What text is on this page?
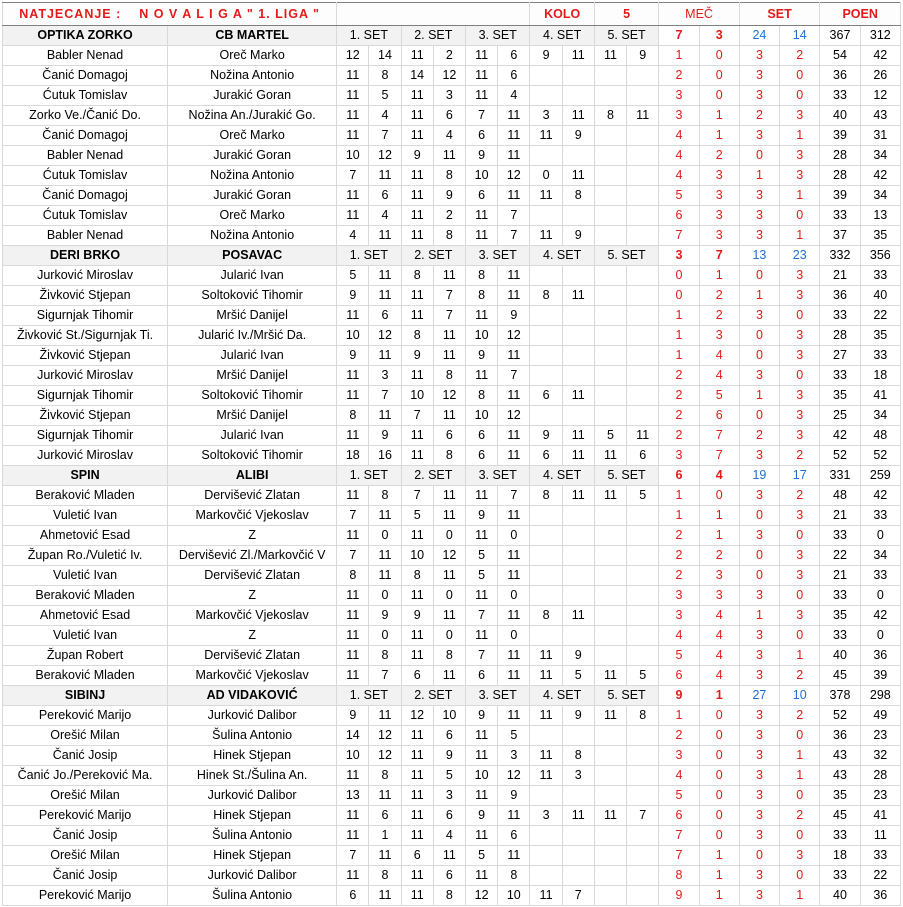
NATJECANJE : N O V A L I G A " 1. LIGA "								KOLO		5		MEČ		SET		POEN	
OPTIKA ZORKO	CB MARTEL	1. SET		2. SET		3. SET		4. SET		5. SET		7	3	24	14	367	312
Babler Nenad	Oreč Marko	12	14	11	2	11	6	9	11	11	9	1	0	3	2	54	42
Čanić Domagoj	Nožina Antonio	11	8	14	12	11	6					2	0	3	0	36	26
Ćutuk Tomislav	Jurakić Goran	11	5	11	3	11	4					3	0	3	0	33	12
Zorko Ve./Čanić Do.	Nožina An./Jurakić Go.	11	4	11	6	7	11	3	11	8	11	3	1	2	3	40	43
Čanić Domagoj	Oreč Marko	11	7	11	4	6	11	11	9			4	1	3	1	39	31
Babler Nenad	Jurakić Goran	10	12	9	11	9	11					4	2	0	3	28	34
Ćutuk Tomislav	Nožina Antonio	7	11	11	8	10	12	0	11			4	3	1	3	28	42
Čanić Domagoj	Jurakić Goran	11	6	11	9	6	11	11	8			5	3	3	1	39	34
Ćutuk Tomislav	Oreč Marko	11	4	11	2	11	7					6	3	3	0	33	13
Babler Nenad	Nožina Antonio	4	11	11	8	11	7	11	9			7	3	3	1	37	35
DERI BRKO	POSAVAC	1. SET		2. SET		3. SET		4. SET		5. SET		3	7	13	23	332	356
Jurković Miroslav	Jularić Ivan	5	11	8	11	8	11					0	1	0	3	21	33
Živković Stjepan	Soltoković Tihomir	9	11	11	7	8	11	8	11			0	2	1	3	36	40
Sigurnjak Tihomir	Mršić Danijel	11	6	11	7	11	9					1	2	3	0	33	22
Živković St./Sigurnjak Ti.	Jularić Iv./Mršić Da.	10	12	8	11	10	12					1	3	0	3	28	35
Živković Stjepan	Jularić Ivan	9	11	9	11	9	11					1	4	0	3	27	33
Jurković Miroslav	Mršić Danijel	11	3	11	8	11	7					2	4	3	0	33	18
Sigurnjak Tihomir	Soltoković Tihomir	11	7	10	12	8	11	6	11			2	5	1	3	35	41
Živković Stjepan	Mršić Danijel	8	11	7	11	10	12					2	6	0	3	25	34
Sigurnjak Tihomir	Jularić Ivan	11	9	11	6	6	11	9	11	5	11	2	7	2	3	42	48
Jurković Miroslav	Soltoković Tihomir	18	16	11	8	6	11	6	11	11	6	3	7	3	2	52	52
SPIN	ALIBI	1. SET		2. SET		3. SET		4. SET		5. SET		6	4	19	17	331	259
Beraković Mladen	Dervišević Zlatan	11	8	7	11	11	7	8	11	11	5	1	0	3	2	48	42
Vuletić Ivan	Markovčić Vjekoslav	7	11	5	11	9	11					1	1	0	3	21	33
Ahmetović Esad	Z	11	0	11	0	11	0					2	1	3	0	33	0
Župan Ro./Vuletić Iv.	Dervišević Zl./Markovčić V	7	11	10	12	5	11					2	2	0	3	22	34
Vuletić Ivan	Dervišević Zlatan	8	11	8	11	5	11					2	3	0	3	21	33
Beraković Mladen	Z	11	0	11	0	11	0					3	3	3	0	33	0
Ahmetović Esad	Markovčić Vjekoslav	11	9	9	11	7	11	8	11			3	4	1	3	35	42
Vuletić Ivan	Z	11	0	11	0	11	0					4	4	3	0	33	0
Župan Robert	Dervišević Zlatan	11	8	11	8	7	11	11	9			5	4	3	1	40	36
Beraković Mladen	Markovčić Vjekoslav	11	7	6	11	6	11	11	5	11	5	6	4	3	2	45	39
SIBINJ	AD VIDAKOVIĆ	1. SET		2. SET		3. SET		4. SET		5. SET		9	1	27	10	378	298
Pereković Marijo	Jurković Dalibor	9	11	12	10	9	11	11	9	11	8	1	0	3	2	52	49
Orešić Milan	Šulina Antonio	14	12	11	6	11	5					2	0	3	0	36	23
Čanić Josip	Hinek Stjepan	10	12	11	9	11	3	11	8			3	0	3	1	43	32
Čanić Jo./Pereković Ma.	Hinek St./Šulina An.	11	8	11	5	10	12	11	3			4	0	3	1	43	28
Orešić Milan	Jurković Dalibor	13	11	11	3	11	9					5	0	3	0	35	23
Pereković Marijo	Hinek Stjepan	11	6	11	6	9	11	3	11	11	7	6	0	3	2	45	41
Čanić Josip	Šulina Antonio	11	1	11	4	11	6					7	0	3	0	33	11
Orešić Milan	Hinek Stjepan	7	11	6	11	5	11					7	1	0	3	18	33
Čanić Josip	Jurković Dalibor	11	8	11	6	11	8					8	1	3	0	33	22
Pereković Marijo	Šulina Antonio	6	11	11	8	12	10	11	7			9	1	3	1	40	36
